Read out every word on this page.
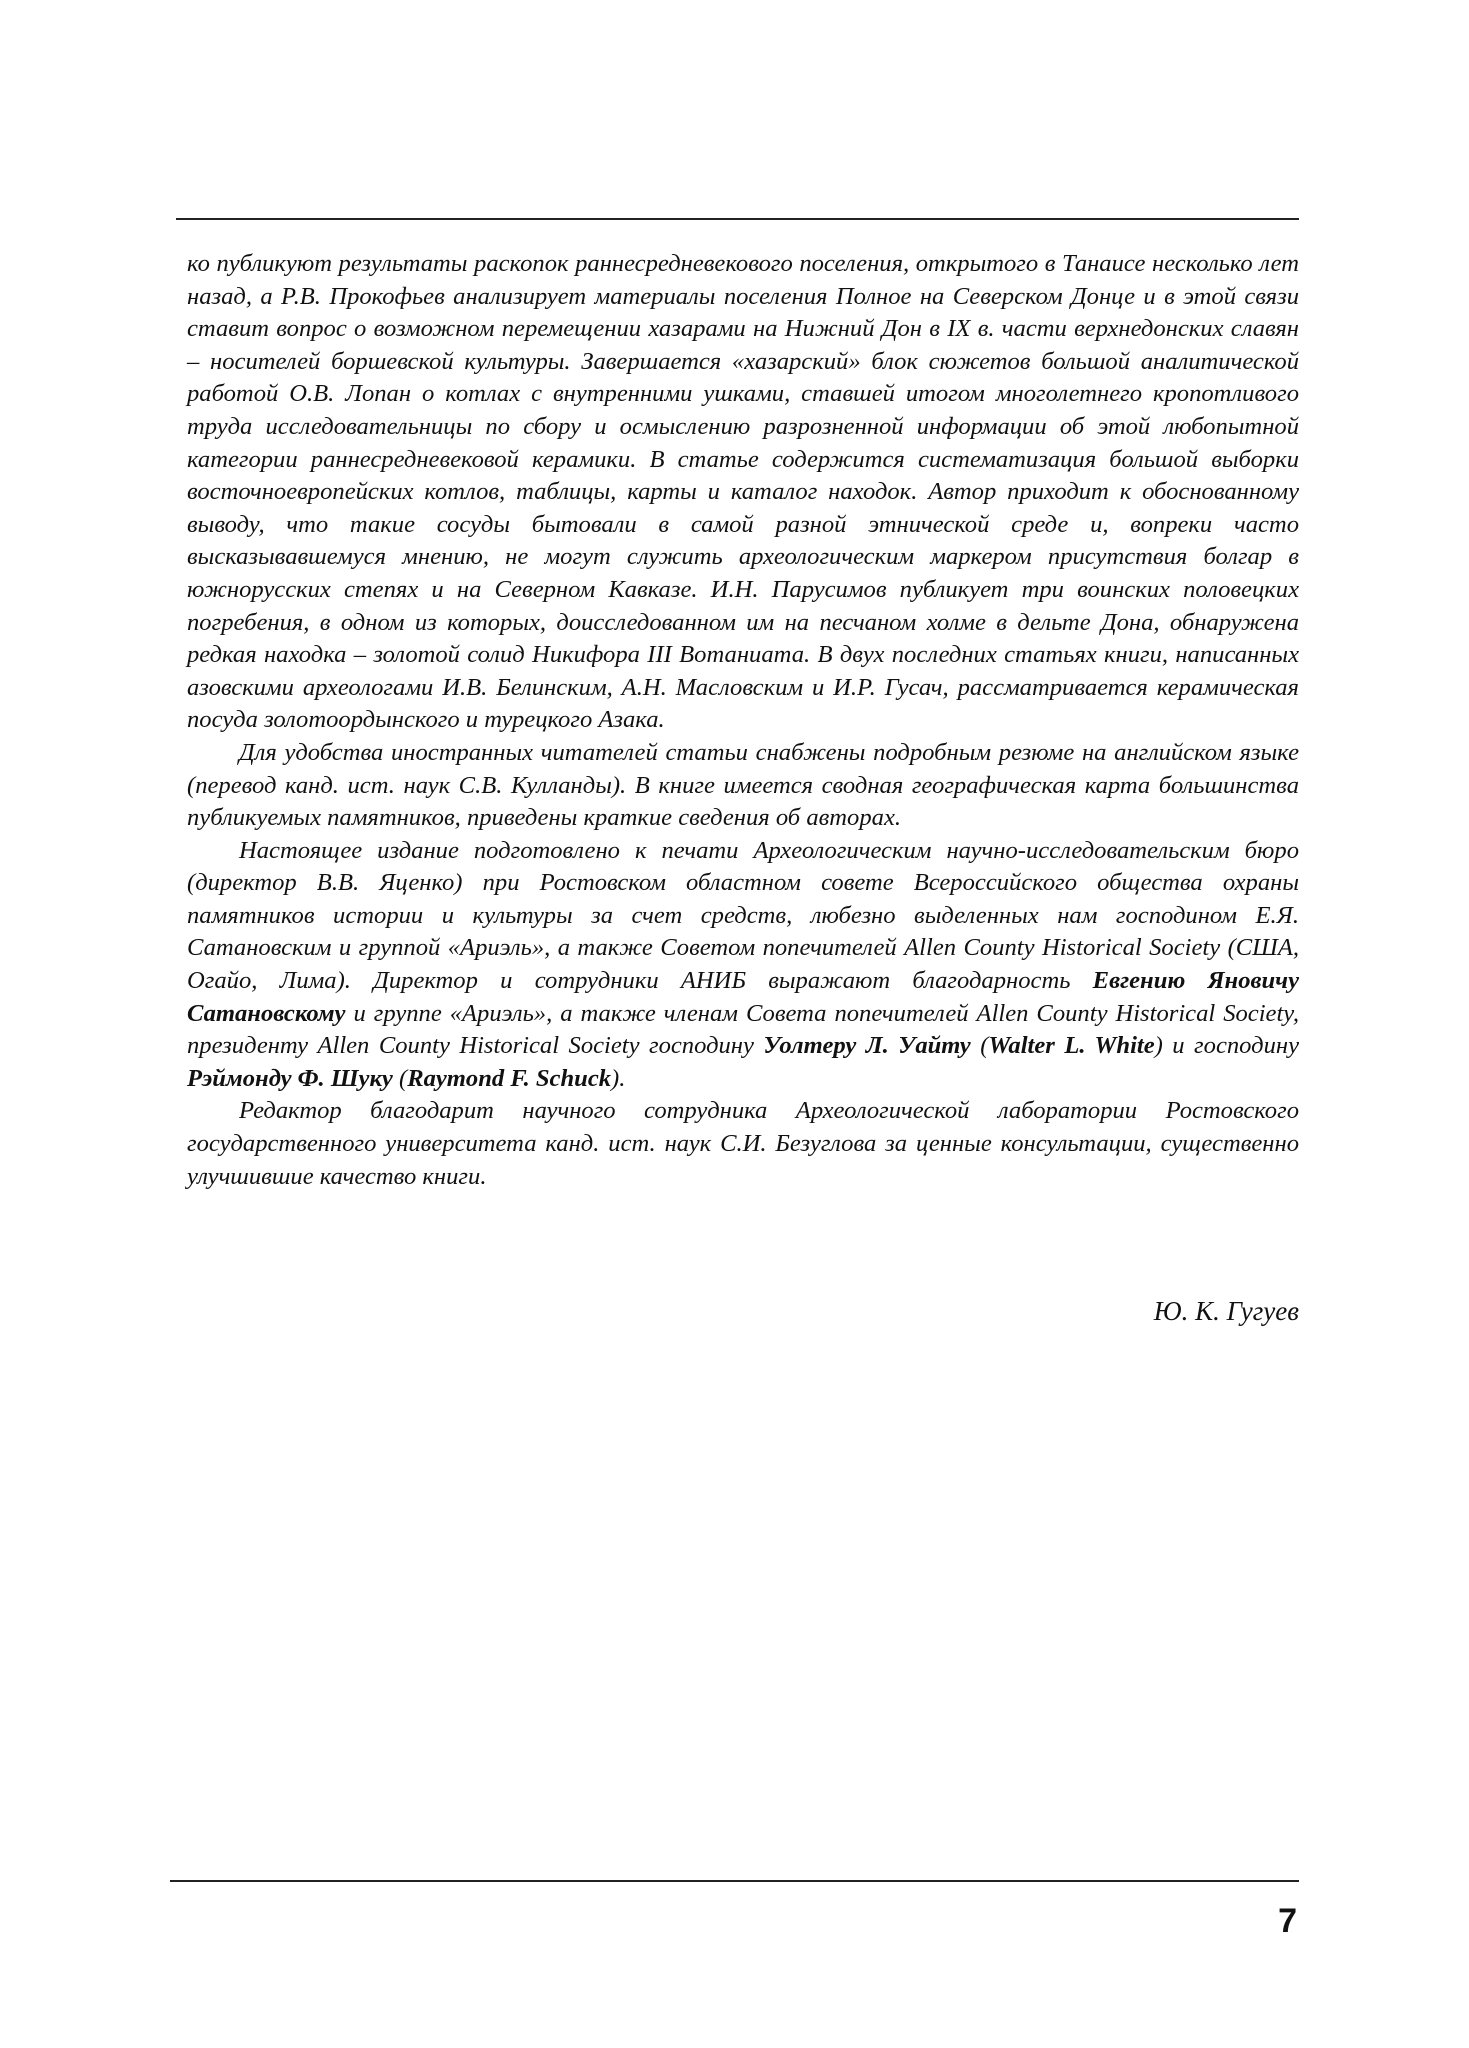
ко публикуют результаты раскопок раннесредневекового поселения, открытого в Танаисе несколько лет назад, а Р.В. Прокофьев анализирует материалы поселения Полное на Северском Донце и в этой связи ставит вопрос о возможном перемещении хазарами на Нижний Дон в IX в. части верхнедонских славян – носителей боршевской культуры. Завершается «хазарский» блок сюжетов большой аналитической работой О.В. Лопан о котлах с внутренними ушками, ставшей итогом многолетнего кропотливого труда исследовательницы по сбору и осмыслению разрозненной информации об этой любопытной категории раннесредневековой керамики. В статье содержится систематизация большой выборки восточноевропейских котлов, таблицы, карты и каталог находок. Автор приходит к обоснованному выводу, что такие сосуды бытовали в самой разной этнической среде и, вопреки часто высказывавшемуся мнению, не могут служить археологическим маркером присутствия болгар в южнорусских степях и на Северном Кавказе. И.Н. Парусимов публикует три воинских половецких погребения, в одном из которых, доисследованном им на песчаном холме в дельте Дона, обнаружена редкая находка – золотой солид Никифора III Вотаниата. В двух последних статьях книги, написанных азовскими археологами И.В. Белинским, А.Н. Масловским и И.Р. Гусач, рассматривается керамическая посуда золотоордынского и турецкого Азака.

Для удобства иностранных читателей статьи снабжены подробным резюме на английском языке (перевод канд. ист. наук С.В. Кулланды). В книге имеется сводная географическая карта большинства публикуемых памятников, приведены краткие сведения об авторах.

Настоящее издание подготовлено к печати Археологическим научно-исследовательским бюро (директор В.В. Яценко) при Ростовском областном совете Всероссийского общества охраны памятников истории и культуры за счет средств, любезно выделенных нам господином Е.Я. Сатановским и группой «Ариэль», а также Советом попечителей Allen County Historical Society (США, Огайо, Лима). Директор и сотрудники АНИБ выражают благодарность Евгению Яновичу Сатановскому и группе «Ариэль», а также членам Совета попечителей Allen County Historical Society, президенту Allen County Historical Society господину Уолтеру Л. Уайту (Walter L. White) и господину Рэймонду Ф. Шуку (Raymond F. Schuck).

Редактор благодарит научного сотрудника Археологической лаборатории Ростовского государственного университета канд. ист. наук С.И. Безуглова за ценные консультации, существенно улучшившие качество книги.

Ю. К. Гугуев
7
